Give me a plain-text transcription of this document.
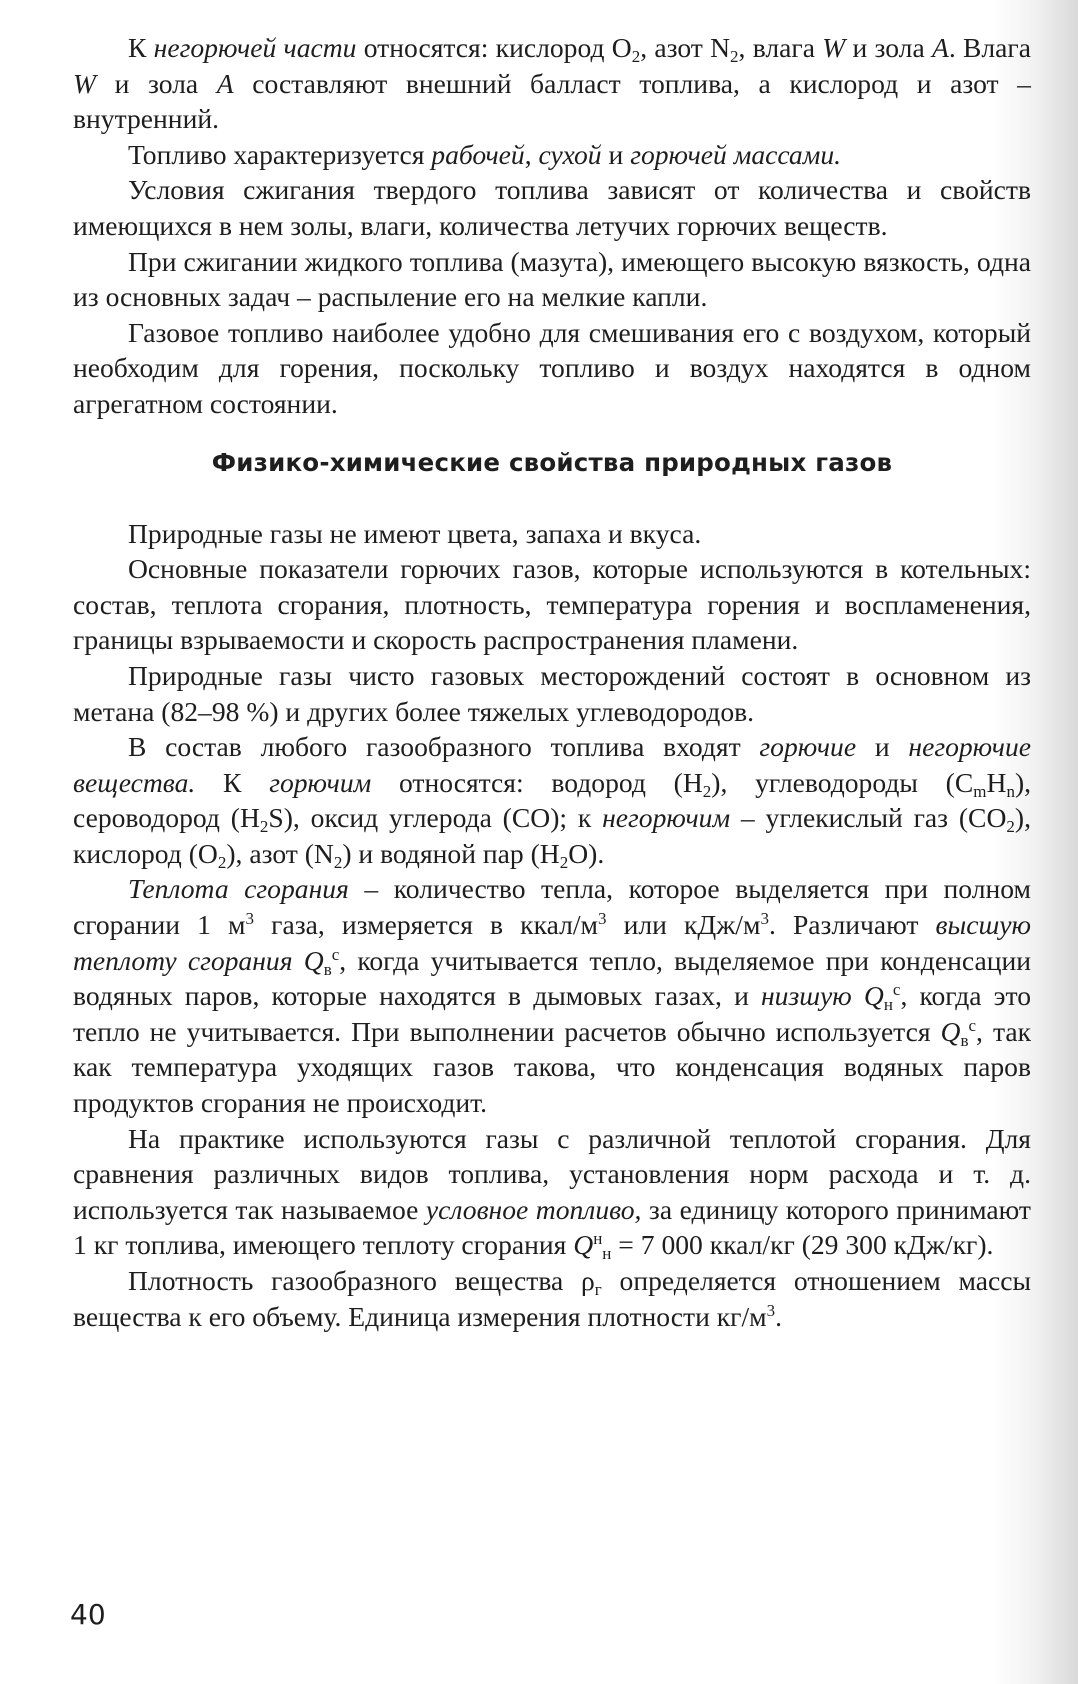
К негорючей части относятся: кислород $О_2$, азот $N_2$, влага W и зола A. Влага W и зола A составляют внешний балласт топлива, а кислород и азот – внутренний.

Топливо характеризуется рабочей, сухой и горючей массами.

Условия сжигания твердого топлива зависят от количества и свойств имеющихся в нем золы, влаги, количества летучих горючих веществ.

При сжигании жидкого топлива (мазута), имеющего высокую вязкость, одна из основных задач – распыление его на мелкие капли.

Газовое топливо наиболее удобно для смешивания его с воздухом, который необходим для горения, поскольку топливо и воздух находятся в одном агрегатном состоянии.

Физико-химические свойства природных газов

Природные газы не имеют цвета, запаха и вкуса.

Основные показатели горючих газов, которые используются в котельных: состав, теплота сгорания, плотность, температура горения и воспламенения, границы взрываемости и скорость распространения пламени.

Природные газы чисто газовых месторождений состоят в основном из метана (82–98 %) и других более тяжелых углеводородов.

В состав любого газообразного топлива входят горючие и негорючие вещества. К горючим относятся: водород $(Н_2)$, углеводороды $(С_mН_n)$, сероводород $(H_2S)$, оксид углерода (СО); к негорючим – углекислый газ $(СО_2)$, кислород $(О_2)$, азот $(N_2)$ и водяной пар $(Н_2О)$.

Теплота сгорания – количество тепла, которое выделяется при полном сгорании 1 $м^3$ газа, измеряется в ккал/$м^3$ или кДж/$м^3$. Различают высшую теплоту сгорания $Q_в^с$, когда учитывается тепло, выделяемое при конденсации водяных паров, которые находятся в дымовых газах, и низшую $Q_н^с$, когда это тепло не учитывается. При выполнении расчетов обычно используется $Q_в^с$, так как температура уходящих газов такова, что конденсация водяных паров продуктов сгорания не происходит.

На практике используются газы с различной теплотой сгорания. Для сравнения различных видов топлива, установления норм расхода и т. д. используется так называемое условное топливо, за единицу которого принимают 1 кг топлива, имеющего теплоту сгорания $Q^н_н = 7$ 000 ккал/кг (29 300 кДж/кг).

Плотность газообразного вещества $\rho_г$ определяется отношением массы вещества к его объему. Единица измерения плотности $кг/м^3$.

40
